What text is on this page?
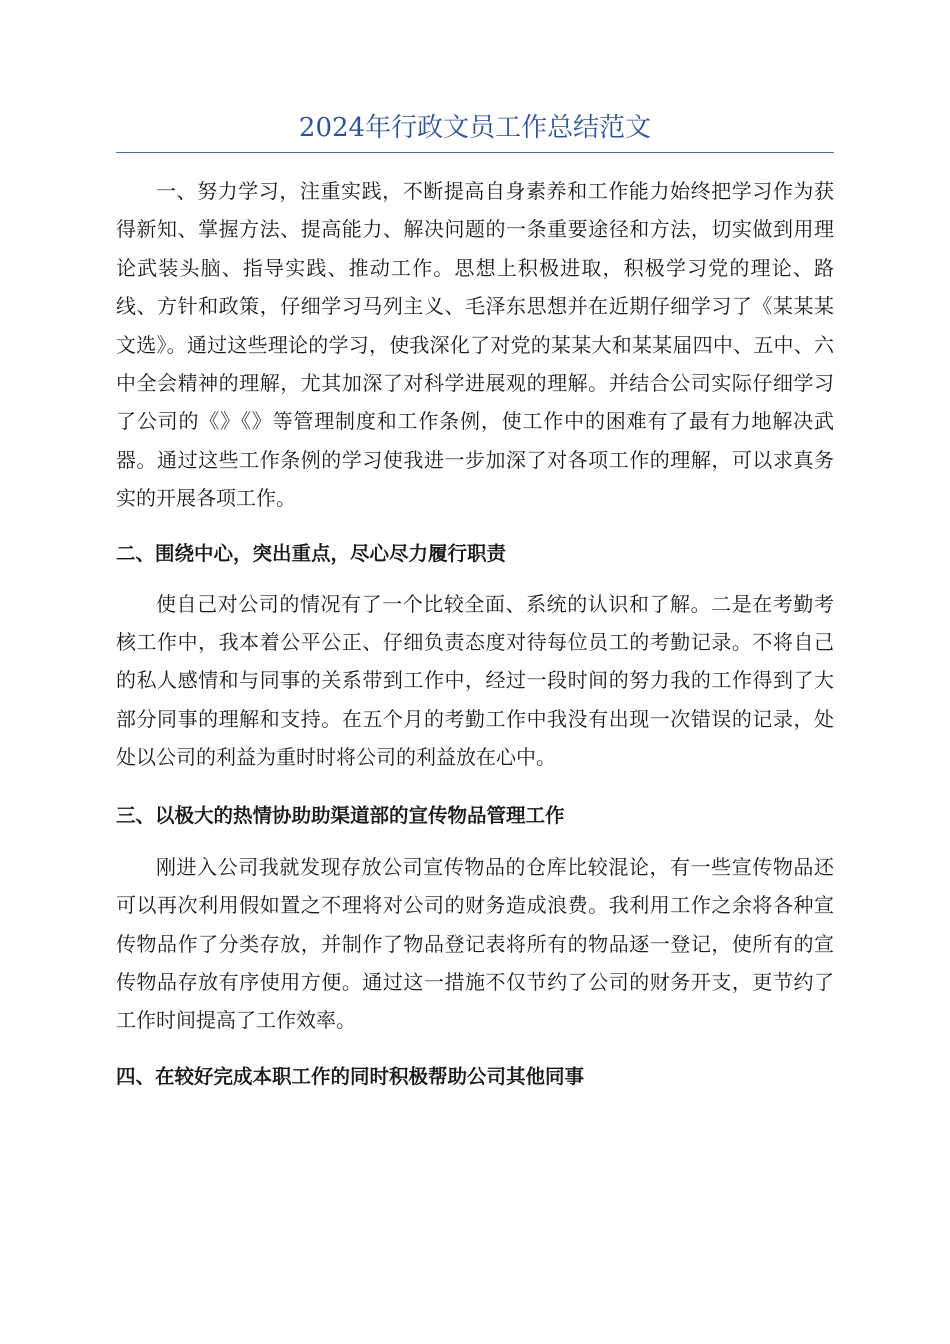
2024年行政文员工作总结范文

一、努力学习，注重实践，不断提高自身素养和工作能力始终把学习作为获得新知、掌握方法、提高能力、解决问题的一条重要途径和方法，切实做到用理论武装头脑、指导实践、推动工作。思想上积极进取，积极学习党的理论、路线、方针和政策，仔细学习马列主义、毛泽东思想并在近期仔细学习了《某某某文选》。通过这些理论的学习，使我深化了对党的某某大和某某届四中、五中、六中全会精神的理解，尤其加深了对科学进展观的理解。并结合公司实际仔细学习了公司的《》《》等管理制度和工作条例，使工作中的困难有了最有力地解决武器。通过这些工作条例的学习使我进一步加深了对各项工作的理解，可以求真务实的开展各项工作。

二、围绕中心，突出重点，尽心尽力履行职责

使自己对公司的情况有了一个比较全面、系统的认识和了解。二是在考勤考核工作中，我本着公平公正、仔细负责态度对待每位员工的考勤记录。不将自己的私人感情和与同事的关系带到工作中，经过一段时间的努力我的工作得到了大部分同事的理解和支持。在五个月的考勤工作中我没有出现一次错误的记录，处处以公司的利益为重时时将公司的利益放在心中。

三、以极大的热情协助助渠道部的宣传物品管理工作

刚进入公司我就发现存放公司宣传物品的仓库比较混论，有一些宣传物品还可以再次利用假如置之不理将对公司的财务造成浪费。我利用工作之余将各种宣传物品作了分类存放，并制作了物品登记表将所有的物品逐一登记，使所有的宣传物品存放有序使用方便。通过这一措施不仅节约了公司的财务开支，更节约了工作时间提高了工作效率。

四、在较好完成本职工作的同时积极帮助公司其他同事
